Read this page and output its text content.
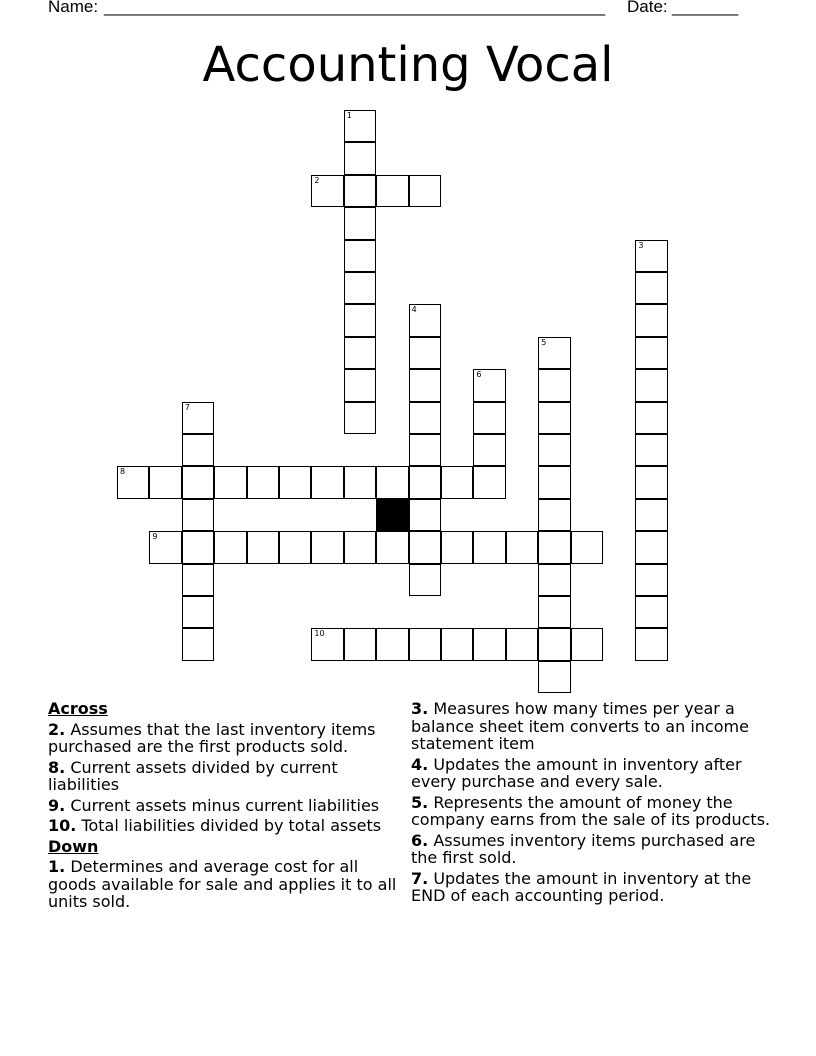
Name: _____________________________________________________ Date: _______
Accounting Vocal
1
2
3
4
5
6
7
8
9
10
Across
2. Assumes that the last inventory items purchased are the first products sold.
8. Current assets divided by current liabilities
9. Current assets minus current liabilities
10. Total liabilities divided by total assets
Down
1. Determines and average cost for all goods available for sale and applies it to all units sold.
3. Measures how many times per year a balance sheet item converts to an income statement item
4. Updates the amount in inventory after every purchase and every sale.
5. Represents the amount of money the company earns from the sale of its products.
6. Assumes inventory items purchased are the first sold.
7. Updates the amount in inventory at the END of each accounting period.
